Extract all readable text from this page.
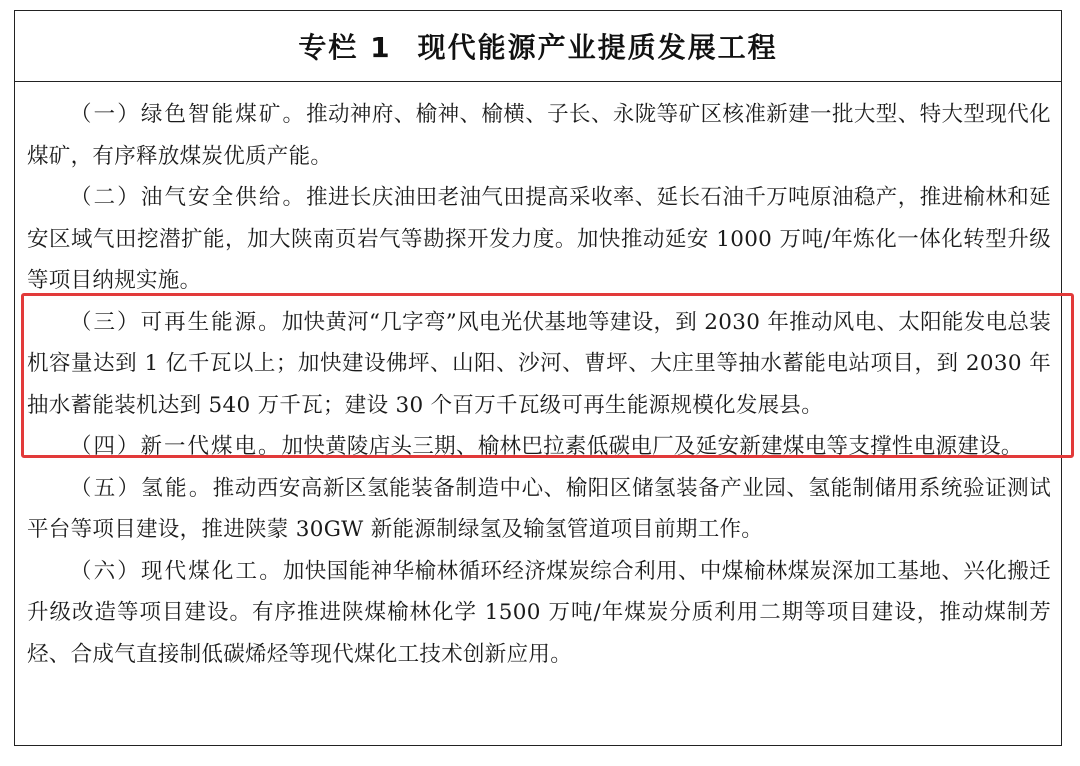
专栏 1 现代能源产业提质发展工程

（一）绿色智能煤矿。推动神府、榆神、榆横、子长、永陇等矿区核准新建一批大型、特大型现代化煤矿，有序释放煤炭优质产能。

（二）油气安全供给。推进长庆油田老油气田提高采收率、延长石油千万吨原油稳产，推进榆林和延安区域气田挖潜扩能，加大陕南页岩气等勘探开发力度。加快推动延安 1000 万吨/年炼化一体化转型升级等项目纳规实施。

（三）可再生能源。加快黄河“几字弯”风电光伏基地等建设，到 2030 年推动风电、太阳能发电总装机容量达到 1 亿千瓦以上；加快建设佛坪、山阳、沙河、曹坪、大庄里等抽水蓄能电站项目，到 2030 年抽水蓄能装机达到 540 万千瓦；建设 30 个百万千瓦级可再生能源规模化发展县。

（四）新一代煤电。加快黄陵店头三期、榆林巴拉素低碳电厂及延安新建煤电等支撑性电源建设。

（五）氢能。推动西安高新区氢能装备制造中心、榆阳区储氢装备产业园、氢能制储用系统验证测试平台等项目建设，推进陕蒙 30GW 新能源制绿氢及输氢管道项目前期工作。

（六）现代煤化工。加快国能神华榆林循环经济煤炭综合利用、中煤榆林煤炭深加工基地、兴化搬迁升级改造等项目建设。有序推进陕煤榆林化学 1500 万吨/年煤炭分质利用二期等项目建设，推动煤制芳烃、合成气直接制低碳烯烃等现代煤化工技术创新应用。
